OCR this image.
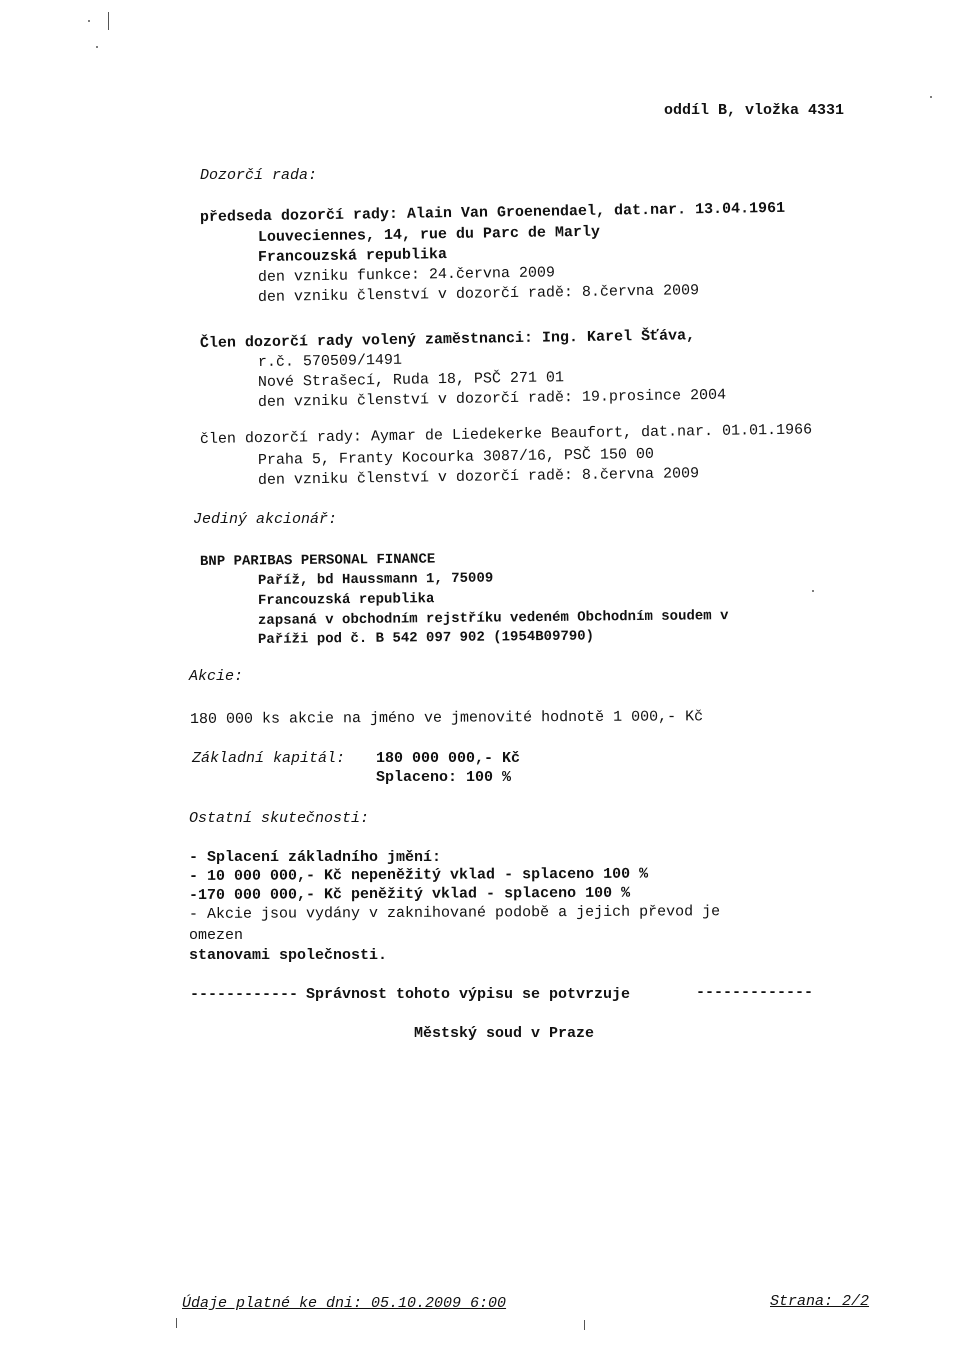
oddíl B, vložka 4331
Dozorčí rada:
předseda dozorčí rady: Alain Van Groenendael, dat.nar. 13.04.1961
Louveciennes, 14, rue du Parc de Marly
Francouzská republika
den vzniku funkce: 24.června 2009
den vzniku členství v dozorčí radě: 8.června 2009
Člen dozorčí rady volený zaměstnanci: Ing. Karel Šťáva,
r.č. 570509/1491
Nové Strašecí, Ruda 18, PSČ 271 01
den vzniku členství v dozorčí radě: 19.prosince 2004
člen dozorčí rady: Aymar de Liedekerke Beaufort, dat.nar. 01.01.1966
Praha 5, Franty Kocourka 3087/16, PSČ 150 00
den vzniku členství v dozorčí radě: 8.června 2009
Jediný akcionář:
BNP PARIBAS PERSONAL FINANCE
Paříž, bd Haussmann 1, 75009
Francouzská republika
zapsaná v obchodním rejstříku vedeném Obchodním soudem v
Paříži pod č. B 542 097 902 (1954B09790)
Akcie:
180 000 ks akcie na jméno ve jmenovité hodnotě 1 000,- Kč
Základní kapitál: 180 000 000,- Kč
Splaceno: 100 %
Ostatní skutečnosti:
- Splacení základního jmění:
- 10 000 000,- Kč nepeněžitý vklad - splaceno 100 %
-170 000 000,- Kč peněžitý vklad - splaceno 100 %
- Akcie jsou vydány v zaknihované podobě a jejich převod je
omezen
stanovami společnosti.
------------ Správnost tohoto výpisu se potvrzuje	-------------
Městský soud v Praze
Údaje platné ke dni: 05.10.2009 6:00	Strana: 2/2
